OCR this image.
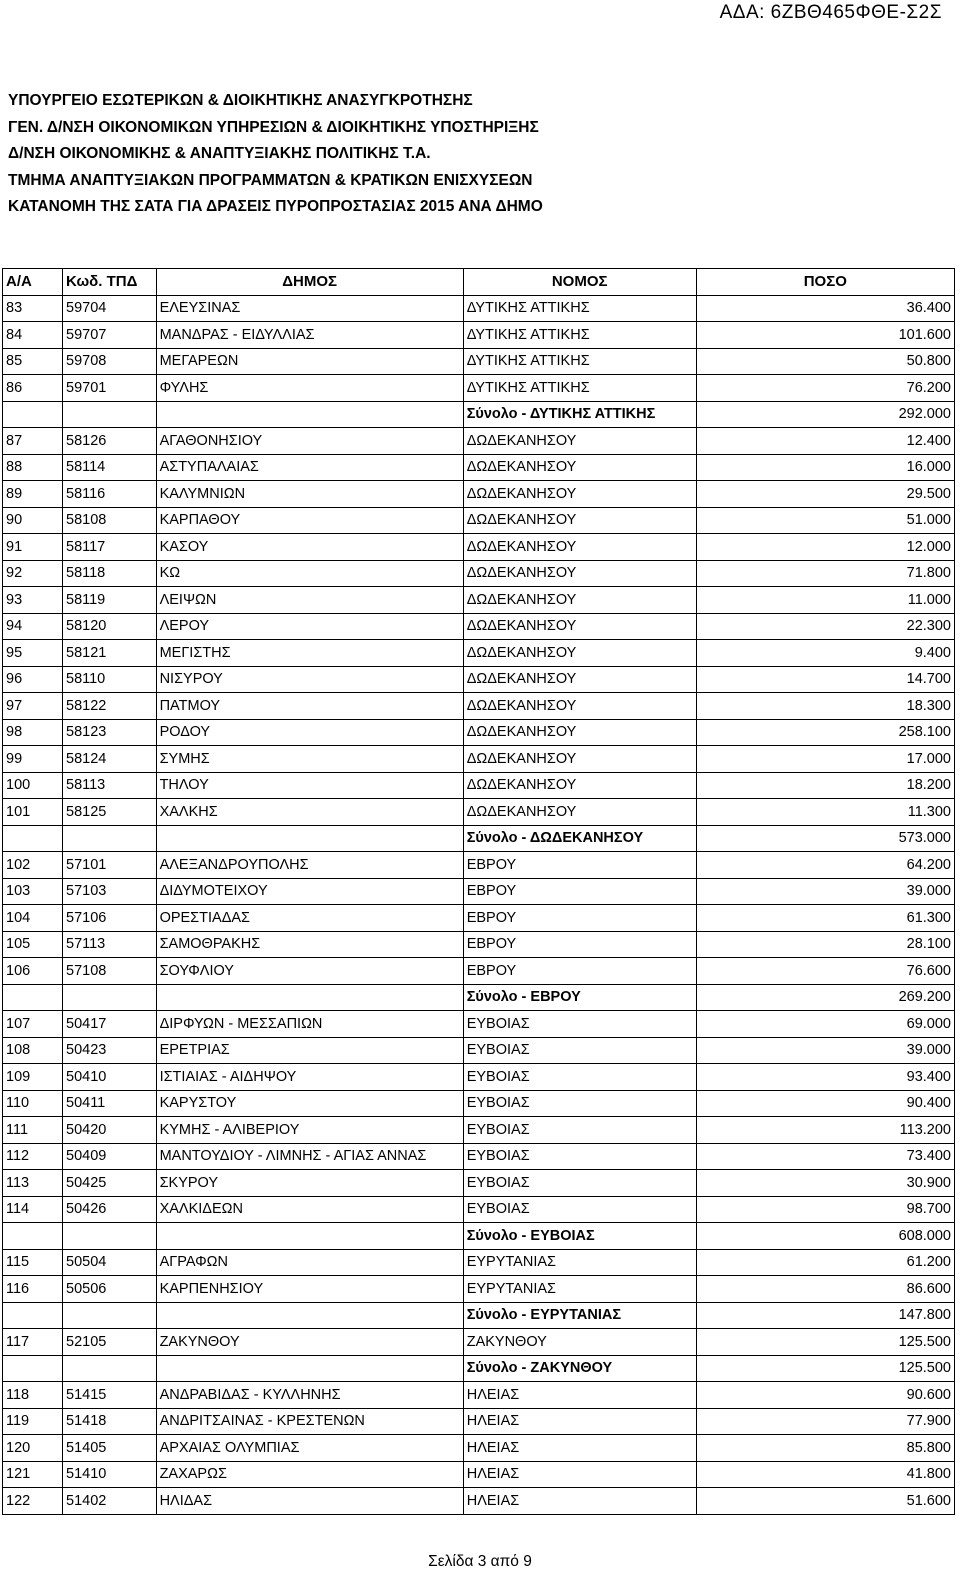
ΑΔΑ: 6ΖΒΘ465ΦΘΕ-Σ2Σ
ΥΠΟΥΡΓΕΙΟ ΕΣΩΤΕΡΙΚΩΝ & ΔΙΟΙΚΗΤΙΚΗΣ ΑΝΑΣΥΓΚΡΟΤΗΣΗΣ
ΓΕΝ. Δ/ΝΣΗ ΟΙΚΟΝΟΜΙΚΩΝ ΥΠΗΡΕΣΙΩΝ & ΔΙΟΙΚΗΤΙΚΗΣ ΥΠΟΣΤΗΡΙΞΗΣ
Δ/ΝΣΗ ΟΙΚΟΝΟΜΙΚΗΣ & ΑΝΑΠΤΥΞΙΑΚΗΣ ΠΟΛΙΤΙΚΗΣ Τ.Α.
ΤΜΗΜΑ ΑΝΑΠΤΥΞΙΑΚΩΝ ΠΡΟΓΡΑΜΜΑΤΩΝ & ΚΡΑΤΙΚΩΝ ΕΝΙΣΧΥΣΕΩΝ
ΚΑΤΑΝΟΜΗ ΤΗΣ ΣΑΤΑ ΓΙΑ ΔΡΑΣΕΙΣ ΠΥΡΟΠΡΟΣΤΑΣΙΑΣ 2015 ΑΝΑ ΔΗΜΟ
Α/Α	Κωδ. ΤΠΔ	ΔΗΜΟΣ	ΝΟΜΟΣ	ΠΟΣΟ
83	59704	ΕΛΕΥΣΙΝΑΣ	ΔΥΤΙΚΗΣ ΑΤΤΙΚΗΣ	36.400
84	59707	ΜΑΝΔΡΑΣ - ΕΙΔΥΛΛΙΑΣ	ΔΥΤΙΚΗΣ ΑΤΤΙΚΗΣ	101.600
85	59708	ΜΕΓΑΡΕΩΝ	ΔΥΤΙΚΗΣ ΑΤΤΙΚΗΣ	50.800
86	59701	ΦΥΛΗΣ	ΔΥΤΙΚΗΣ ΑΤΤΙΚΗΣ	76.200
			Σύνολο - ΔΥΤΙΚΗΣ ΑΤΤΙΚΗΣ	292.000
87	58126	ΑΓΑΘΟΝΗΣΙΟΥ	ΔΩΔΕΚΑΝΗΣΟΥ	12.400
88	58114	ΑΣΤΥΠΑΛΑΙΑΣ	ΔΩΔΕΚΑΝΗΣΟΥ	16.000
89	58116	ΚΑΛΥΜΝΙΩΝ	ΔΩΔΕΚΑΝΗΣΟΥ	29.500
90	58108	ΚΑΡΠΑΘΟΥ	ΔΩΔΕΚΑΝΗΣΟΥ	51.000
91	58117	ΚΑΣΟΥ	ΔΩΔΕΚΑΝΗΣΟΥ	12.000
92	58118	ΚΩ	ΔΩΔΕΚΑΝΗΣΟΥ	71.800
93	58119	ΛΕΙΨΩΝ	ΔΩΔΕΚΑΝΗΣΟΥ	11.000
94	58120	ΛΕΡΟΥ	ΔΩΔΕΚΑΝΗΣΟΥ	22.300
95	58121	ΜΕΓΙΣΤΗΣ	ΔΩΔΕΚΑΝΗΣΟΥ	9.400
96	58110	ΝΙΣΥΡΟΥ	ΔΩΔΕΚΑΝΗΣΟΥ	14.700
97	58122	ΠΑΤΜΟΥ	ΔΩΔΕΚΑΝΗΣΟΥ	18.300
98	58123	ΡΟΔΟΥ	ΔΩΔΕΚΑΝΗΣΟΥ	258.100
99	58124	ΣΥΜΗΣ	ΔΩΔΕΚΑΝΗΣΟΥ	17.000
100	58113	ΤΗΛΟΥ	ΔΩΔΕΚΑΝΗΣΟΥ	18.200
101	58125	ΧΑΛΚΗΣ	ΔΩΔΕΚΑΝΗΣΟΥ	11.300
			Σύνολο - ΔΩΔΕΚΑΝΗΣΟΥ	573.000
102	57101	ΑΛΕΞΑΝΔΡΟΥΠΟΛΗΣ	ΕΒΡΟΥ	64.200
103	57103	ΔΙΔΥΜΟΤΕΙΧΟΥ	ΕΒΡΟΥ	39.000
104	57106	ΟΡΕΣΤΙΑΔΑΣ	ΕΒΡΟΥ	61.300
105	57113	ΣΑΜΟΘΡΑΚΗΣ	ΕΒΡΟΥ	28.100
106	57108	ΣΟΥΦΛΙΟΥ	ΕΒΡΟΥ	76.600
			Σύνολο - ΕΒΡΟΥ	269.200
107	50417	ΔΙΡΦΥΩΝ - ΜΕΣΣΑΠΙΩΝ	ΕΥΒΟΙΑΣ	69.000
108	50423	ΕΡΕΤΡΙΑΣ	ΕΥΒΟΙΑΣ	39.000
109	50410	ΙΣΤΙΑΙΑΣ - ΑΙΔΗΨΟΥ	ΕΥΒΟΙΑΣ	93.400
110	50411	ΚΑΡΥΣΤΟΥ	ΕΥΒΟΙΑΣ	90.400
111	50420	ΚΥΜΗΣ - ΑΛΙΒΕΡΙΟΥ	ΕΥΒΟΙΑΣ	113.200
112	50409	ΜΑΝΤΟΥΔΙΟΥ - ΛΙΜΝΗΣ - ΑΓΙΑΣ ΑΝΝΑΣ	ΕΥΒΟΙΑΣ	73.400
113	50425	ΣΚΥΡΟΥ	ΕΥΒΟΙΑΣ	30.900
114	50426	ΧΑΛΚΙΔΕΩΝ	ΕΥΒΟΙΑΣ	98.700
			Σύνολο - ΕΥΒΟΙΑΣ	608.000
115	50504	ΑΓΡΑΦΩΝ	ΕΥΡΥΤΑΝΙΑΣ	61.200
116	50506	ΚΑΡΠΕΝΗΣΙΟΥ	ΕΥΡΥΤΑΝΙΑΣ	86.600
			Σύνολο - ΕΥΡΥΤΑΝΙΑΣ	147.800
117	52105	ΖΑΚΥΝΘΟΥ	ΖΑΚΥΝΘΟΥ	125.500
			Σύνολο - ΖΑΚΥΝΘΟΥ	125.500
118	51415	ΑΝΔΡΑΒΙΔΑΣ - ΚΥΛΛΗΝΗΣ	ΗΛΕΙΑΣ	90.600
119	51418	ΑΝΔΡΙΤΣΑΙΝΑΣ - ΚΡΕΣΤΕΝΩΝ	ΗΛΕΙΑΣ	77.900
120	51405	ΑΡΧΑΙΑΣ ΟΛΥΜΠΙΑΣ	ΗΛΕΙΑΣ	85.800
121	51410	ΖΑΧΑΡΩΣ	ΗΛΕΙΑΣ	41.800
122	51402	ΗΛΙΔΑΣ	ΗΛΕΙΑΣ	51.600
Σελίδα 3 από 9
